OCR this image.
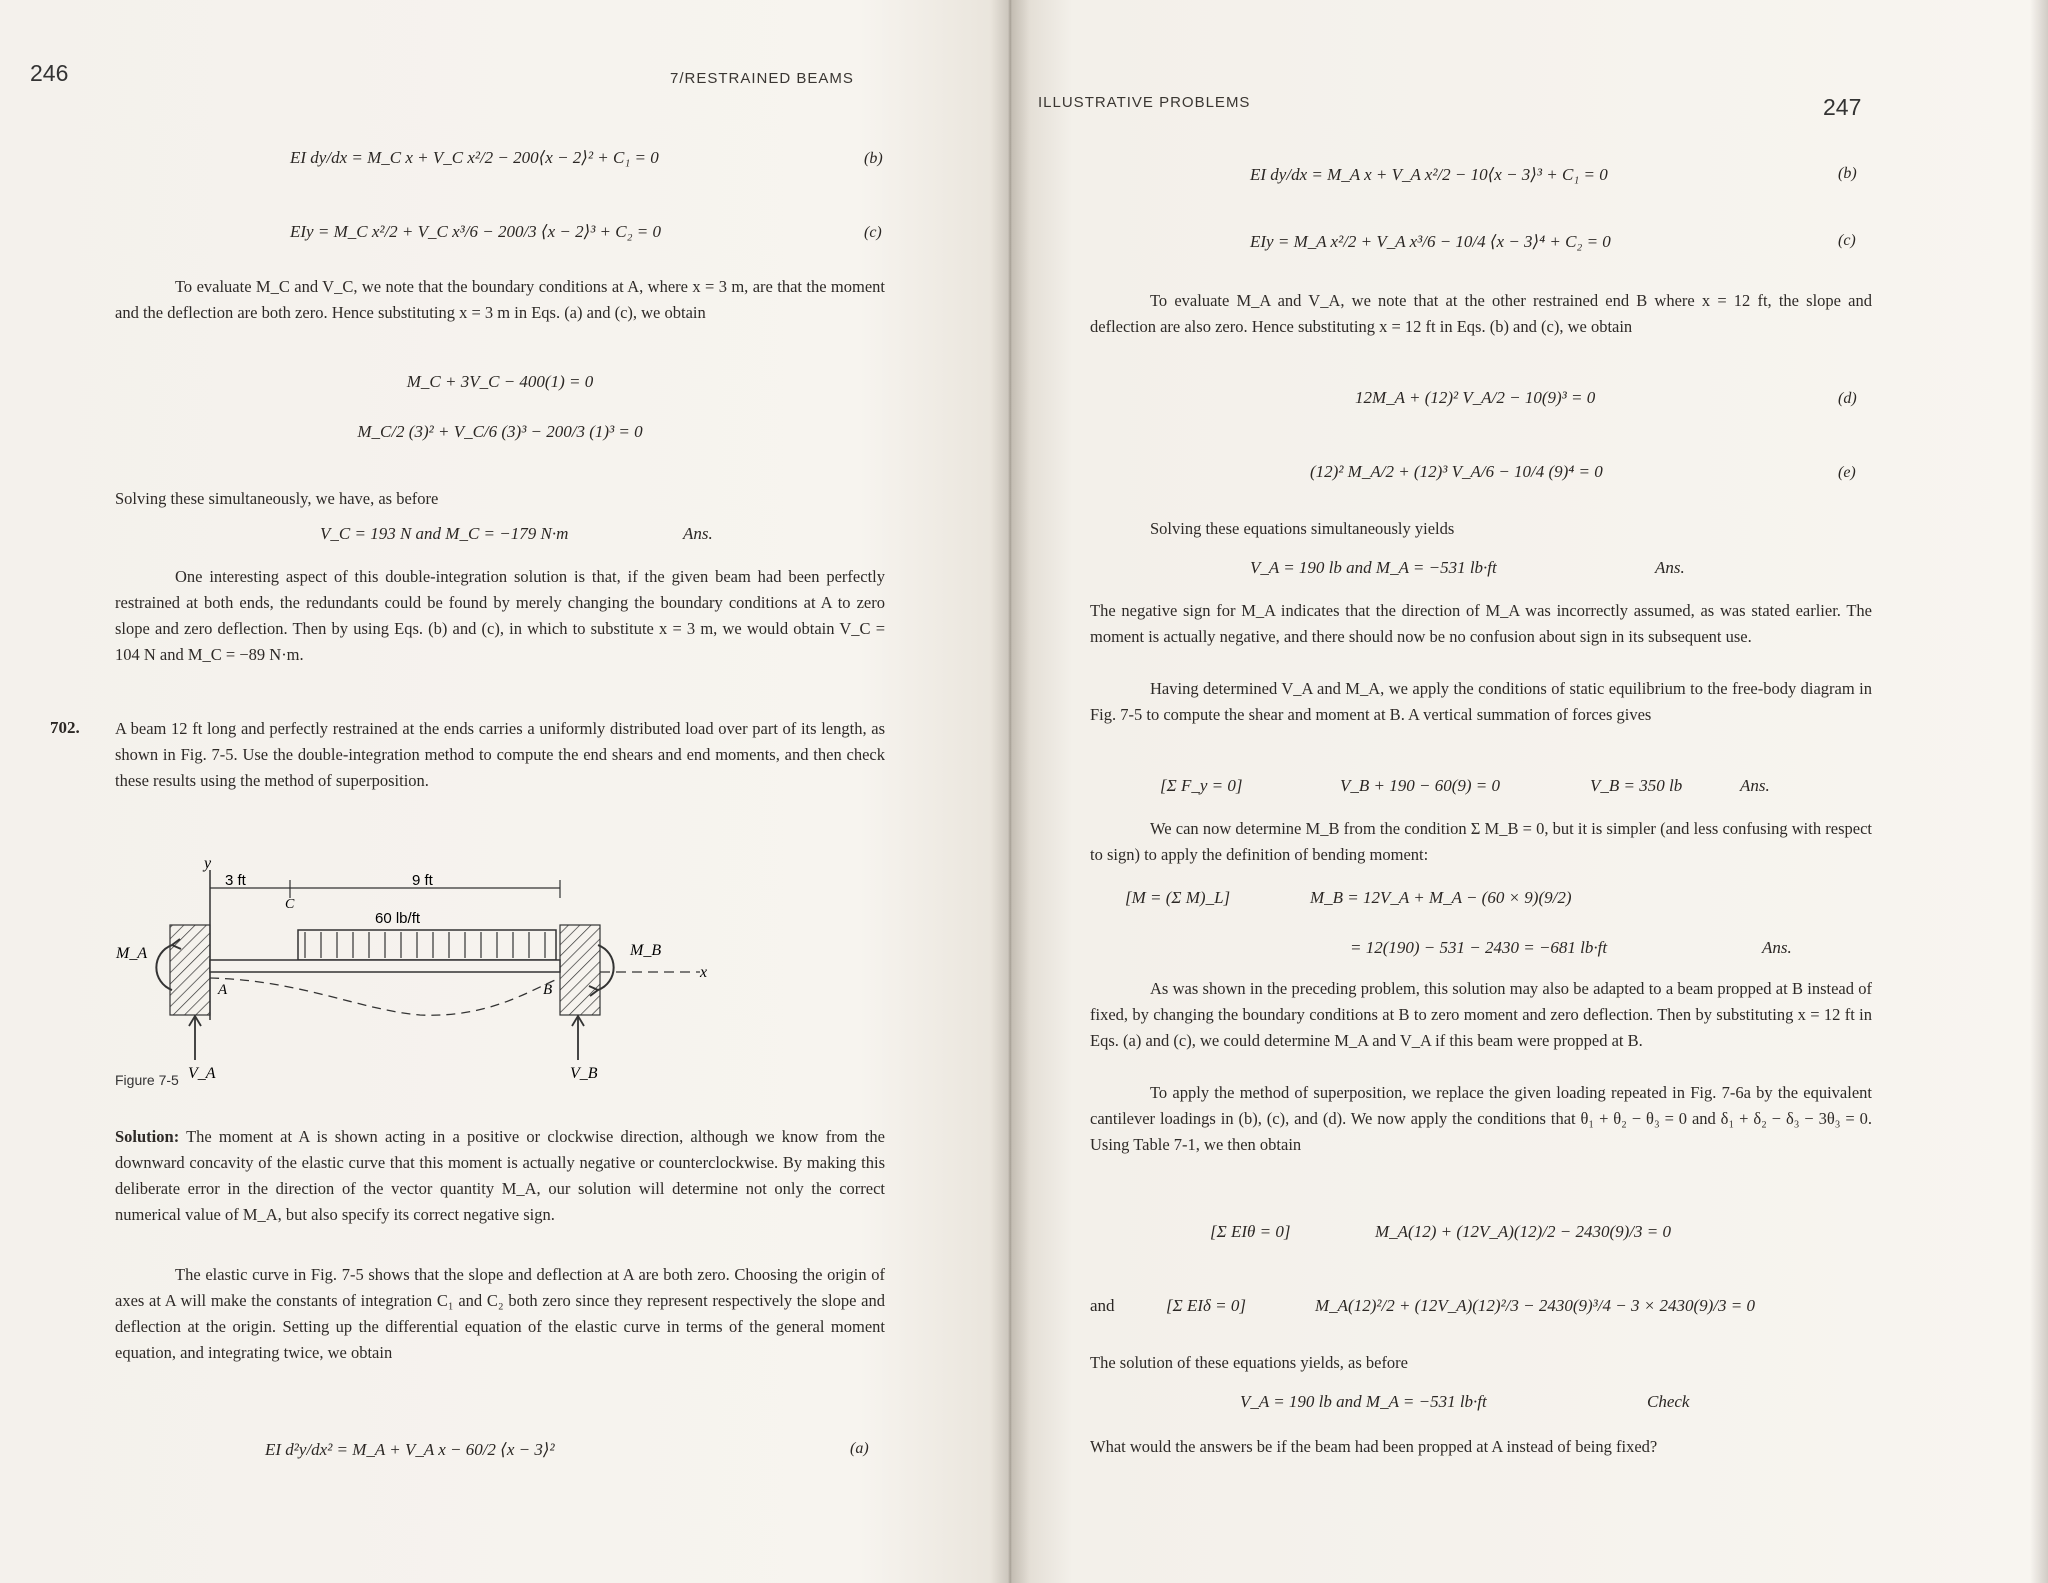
246	7/RESTRAINED BEAMS
EI dy/dx = M_C x + V_C x²/2 − 200⟨x − 2⟩² + C₁ = 0	(b)
EIy = M_C x²/2 + V_C x³/6 − 200/3 ⟨x − 2⟩³ + C₂ = 0	(c)
To evaluate M_C and V_C, we note that the boundary conditions at A, where x = 3 m, are that the moment and the deflection are both zero. Hence substituting x = 3 m in Eqs. (a) and (c), we obtain
M_C + 3V_C − 400(1) = 0
M_C/2 (3)² + V_C/6 (3)³ − 200/3 (1)³ = 0
Solving these simultaneously, we have, as before
V_C = 193 N and M_C = −179 N·m	Ans.
One interesting aspect of this double-integration solution is that, if the given beam had been perfectly restrained at both ends, the redundants could be found by merely changing the boundary conditions at A to zero slope and zero deflection. Then by using Eqs. (b) and (c), in which to substitute x = 3 m, we would obtain V_C = 104 N and M_C = −89 N·m.
702. A beam 12 ft long and perfectly restrained at the ends carries a uniformly distributed load over part of its length, as shown in Fig. 7-5. Use the double-integration method to compute the end shears and end moments, and then check these results using the method of superposition.
y
3 ft	9 ft
C
60 lb/ft
x
A	B
M_A	M_B
V_A	V_B
Figure 7-5
Solution: The moment at A is shown acting in a positive or clockwise direction, although we know from the downward concavity of the elastic curve that this moment is actually negative or counterclockwise. By making this deliberate error in the direction of the vector quantity M_A, our solution will determine not only the correct numerical value of M_A, but also specify its correct negative sign.
The elastic curve in Fig. 7-5 shows that the slope and deflection at A are both zero. Choosing the origin of axes at A will make the constants of integration C₁ and C₂ both zero since they represent respectively the slope and deflection at the origin. Setting up the differential equation of the elastic curve in terms of the general moment equation, and integrating twice, we obtain
EI d²y/dx² = M_A + V_A x − 60/2 ⟨x − 3⟩²	(a)
ILLUSTRATIVE PROBLEMS	247
EI dy/dx = M_A x + V_A x²/2 − 10⟨x − 3⟩³ + C₁ = 0	(b)
EIy = M_A x²/2 + V_A x³/6 − 10/4 ⟨x − 3⟩⁴ + C₂ = 0	(c)
To evaluate M_A and V_A, we note that at the other restrained end B where x = 12 ft, the slope and deflection are also zero. Hence substituting x = 12 ft in Eqs. (b) and (c), we obtain
12M_A + (12)² V_A/2 − 10(9)³ = 0	(d)
(12)² M_A/2 + (12)³ V_A/6 − 10/4 (9)⁴ = 0	(e)
Solving these equations simultaneously yields
V_A = 190 lb and M_A = −531 lb·ft	Ans.
The negative sign for M_A indicates that the direction of M_A was incorrectly assumed, as was stated earlier. The moment is actually negative, and there should now be no confusion about sign in its subsequent use.
Having determined V_A and M_A, we apply the conditions of static equilibrium to the free-body diagram in Fig. 7-5 to compute the shear and moment at B. A vertical summation of forces gives
[Σ F_y = 0]	V_B + 190 − 60(9) = 0	V_B = 350 lb	Ans.
We can now determine M_B from the condition Σ M_B = 0, but it is simpler (and less confusing with respect to sign) to apply the definition of bending moment:
[M = (Σ M)_L]	M_B = 12V_A + M_A − (60 × 9)(9/2)
= 12(190) − 531 − 2430 = −681 lb·ft	Ans.
As was shown in the preceding problem, this solution may also be adapted to a beam propped at B instead of fixed, by changing the boundary conditions at B to zero moment and zero deflection. Then by substituting x = 12 ft in Eqs. (a) and (c), we could determine M_A and V_A if this beam were propped at B.
To apply the method of superposition, we replace the given loading repeated in Fig. 7-6a by the equivalent cantilever loadings in (b), (c), and (d). We now apply the conditions that θ₁ + θ₂ − θ₃ = 0 and δ₁ + δ₂ − δ₃ − 3θ₃ = 0. Using Table 7-1, we then obtain
[Σ EIθ = 0]	M_A(12) + (12V_A)(12)/2 − 2430(9)/3 = 0
and	[Σ EIδ = 0]	M_A(12)²/2 + (12V_A)(12)²/3 − 2430(9)³/4 − 3 × 2430(9)/3 = 0
The solution of these equations yields, as before
V_A = 190 lb and M_A = −531 lb·ft	Check
What would the answers be if the beam had been propped at A instead of being fixed?
